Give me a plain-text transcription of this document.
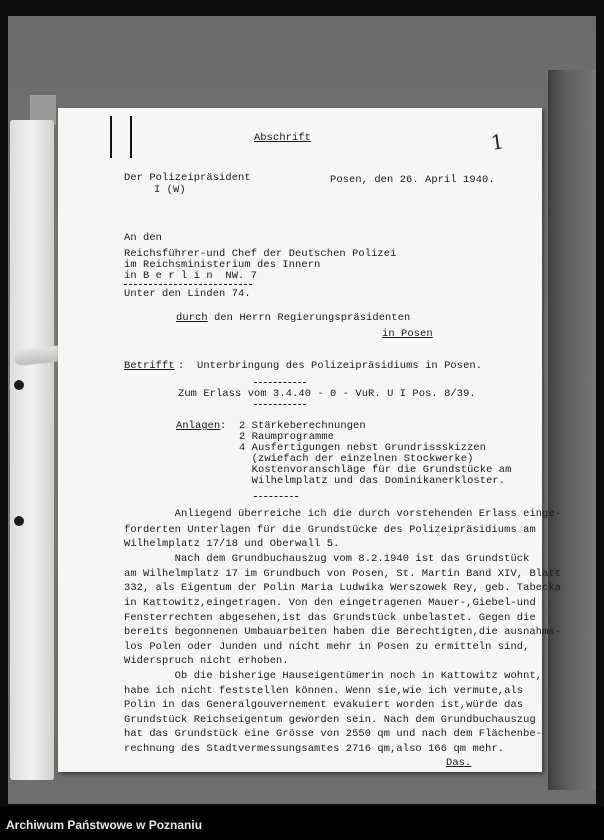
1
Abschrift
Der Polizeipräsident
I (W)
Posen, den 26. April 1940.
An den
Reichsführer-und Chef der Deutschen Polizei
im Reichsministerium des Innern
in B e r l i n  NW. 7
Unter den Linden 74.
durch den Herrn Regierungspräsidenten
in Posen
Betrifft :  Unterbringung des Polizeipräsidiums in Posen.
Zum Erlass vom 3.4.40 - 0 - VuR. U I Pos. 8/39.
Anlagen :  2 Stärkeberechnungen
2 Raumprogramme
4 Ausfertigungen nebst Grundrissskizzen
(zwiefach der einzelnen Stockwerke)
Kostenvoranschläge für die Grundstücke am
Wilhelmplatz und das Dominikanerkloster.
Anliegend überreiche ich die durch vorstehenden Erlass einge-
forderten Unterlagen für die Grundstücke des Polizeipräsidiums am
Wilhelmplatz 17/18 und Oberwall 5.
Nach dem Grundbuchauszug vom 8.2.1940 ist das Grundstück
am Wilhelmplatz 17 im Grundbuch von Posen, St. Martin Band XIV, Blatt
332, als Eigentum der Polin Maria Ludwika Werszowek Rey, geb. Tabecka
in Kattowitz,eingetragen. Von den eingetragenen Mauer-,Giebel-und
Fensterrechten abgesehen,ist das Grundstück unbelastet. Gegen die
bereits begonnenen Umbauarbeiten haben die Berechtigten,die ausnahms-
los Polen oder Junden und nicht mehr in Posen zu ermitteln sind,
Widerspruch nicht erhoben.
Ob die bisherige Hauseigentümerin noch in Kattowitz wohnt,
habe ich nicht feststellen können. Wenn sie,wie ich vermute,als
Polin in das Generalgouvernement evakuiert worden ist,würde das
Grundstück Reichseigentum geworden sein. Nach dem Grundbuchauszug
hat das Grundstück eine Grösse von 2550 qm und nach dem Flächenbe-
rechnung des Stadtvermessungsamtes 2716 qm,also 166 qm mehr.
Das.
Archiwum Państwowe w Poznaniu
